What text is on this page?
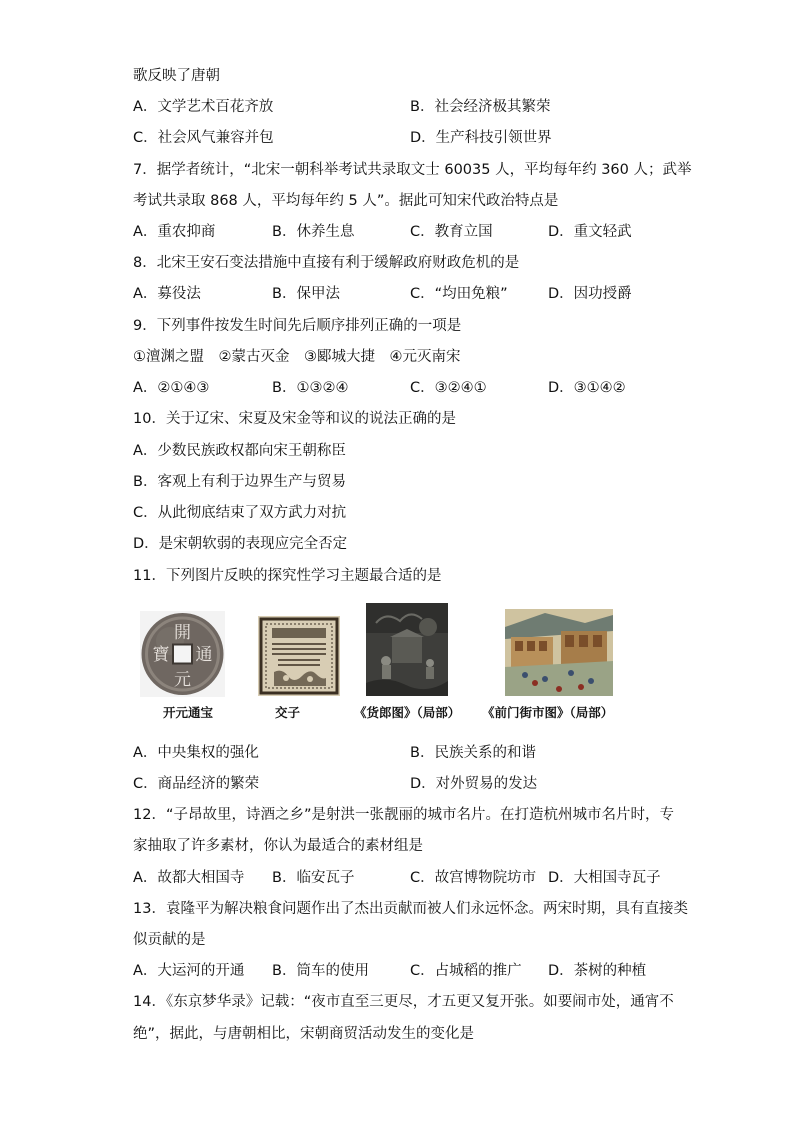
歌反映了唐朝
A．文学艺术百花齐放	B．社会经济极其繁荣
C．社会风气兼容并包	D．生产科技引领世界
7．据学者统计，“北宋一朝科举考试共录取文士 60035 人，平均每年约 360 人；武举
考试共录取 868 人，平均每年约 5 人”。据此可知宋代政治特点是
A．重农抑商	B．休养生息	C．教育立国	D．重文轻武
8．北宋王安石变法措施中直接有利于缓解政府财政危机的是
A．募役法	B．保甲法	C．“均田免粮”	D．因功授爵
9．下列事件按发生时间先后顺序排列正确的一项是
①澶渊之盟　②蒙古灭金　③郾城大捷　④元灭南宋
A．②①④③	B．①③②④	C．③②④①	D．③①④②
10．关于辽宋、宋夏及宋金等和议的说法正确的是
A．少数民族政权都向宋王朝称臣
B．客观上有利于边界生产与贸易
C．从此彻底结束了双方武力对抗
D．是宋朝软弱的表现应完全否定
11．下列图片反映的探究性学习主题最合适的是
開
通
元
寶
开元通宝	交子	《货郎图》（局部） 《前门街市图》（局部）
A．中央集权的强化	B．民族关系的和谐
C．商品经济的繁荣	D．对外贸易的发达
12．“子昂故里，诗酒之乡”是射洪一张靓丽的城市名片。在打造杭州城市名片时，专
家抽取了许多素材，你认为最适合的素材组是
A．故都大相国寺 B．临安瓦子	C．故宫博物院坊市 D．大相国寺瓦子
13．袁隆平为解决粮食问题作出了杰出贡献而被人们永远怀念。两宋时期，具有直接类
似贡献的是
A．大运河的开通 B．筒车的使用	C．占城稻的推广 D．茶树的种植
14．《东京梦华录》记载：“夜市直至三更尽，才五更又复开张。如要闹市处，通宵不
绝”，据此，与唐朝相比，宋朝商贸活动发生的变化是
